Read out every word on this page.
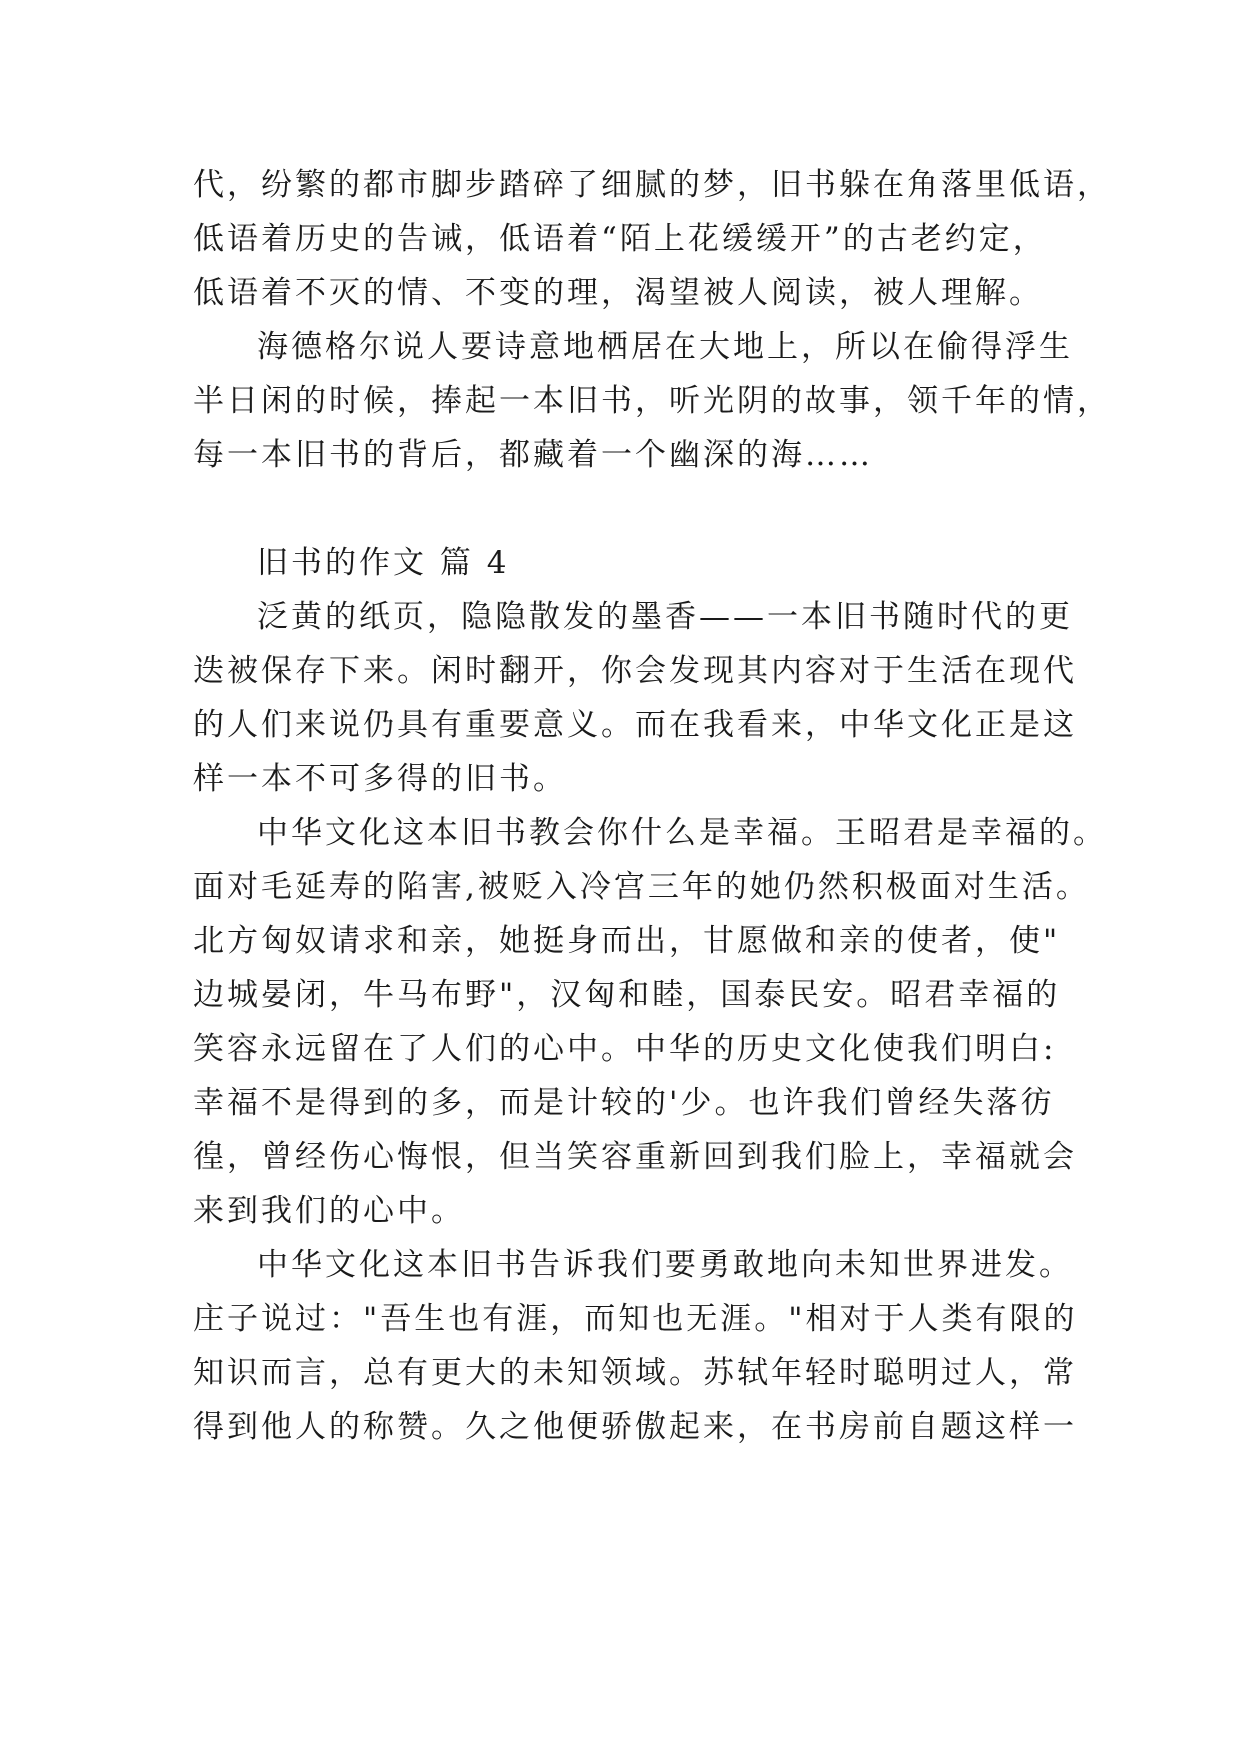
代，纷繁的都市脚步踏碎了细腻的梦，旧书躲在角落里低语，
低语着历史的告诫，低语着“陌上花缓缓开”的古老约定，
低语着不灭的情、不变的理，渴望被人阅读，被人理解。
海德格尔说人要诗意地栖居在大地上，所以在偷得浮生
半日闲的时候，捧起一本旧书，听光阴的故事，领千年的情，
每一本旧书的背后，都藏着一个幽深的海……
旧书的作文 篇 4
泛黄的纸页，隐隐散发的墨香——一本旧书随时代的更
迭被保存下来。闲时翻开，你会发现其内容对于生活在现代
的人们来说仍具有重要意义。而在我看来，中华文化正是这
样一本不可多得的旧书。
中华文化这本旧书教会你什么是幸福。王昭君是幸福的。
面对毛延寿的陷害,被贬入冷宫三年的她仍然积极面对生活。
北方匈奴请求和亲，她挺身而出，甘愿做和亲的使者，使"
边城晏闭，牛马布野"，汉匈和睦，国泰民安。昭君幸福的
笑容永远留在了人们的心中。中华的历史文化使我们明白:
幸福不是得到的多，而是计较的'少。也许我们曾经失落彷
徨，曾经伤心悔恨，但当笑容重新回到我们脸上，幸福就会
来到我们的心中。
中华文化这本旧书告诉我们要勇敢地向未知世界进发。
庄子说过："吾生也有涯，而知也无涯。"相对于人类有限的
知识而言，总有更大的未知领域。苏轼年轻时聪明过人，常
得到他人的称赞。久之他便骄傲起来，在书房前自题这样一
